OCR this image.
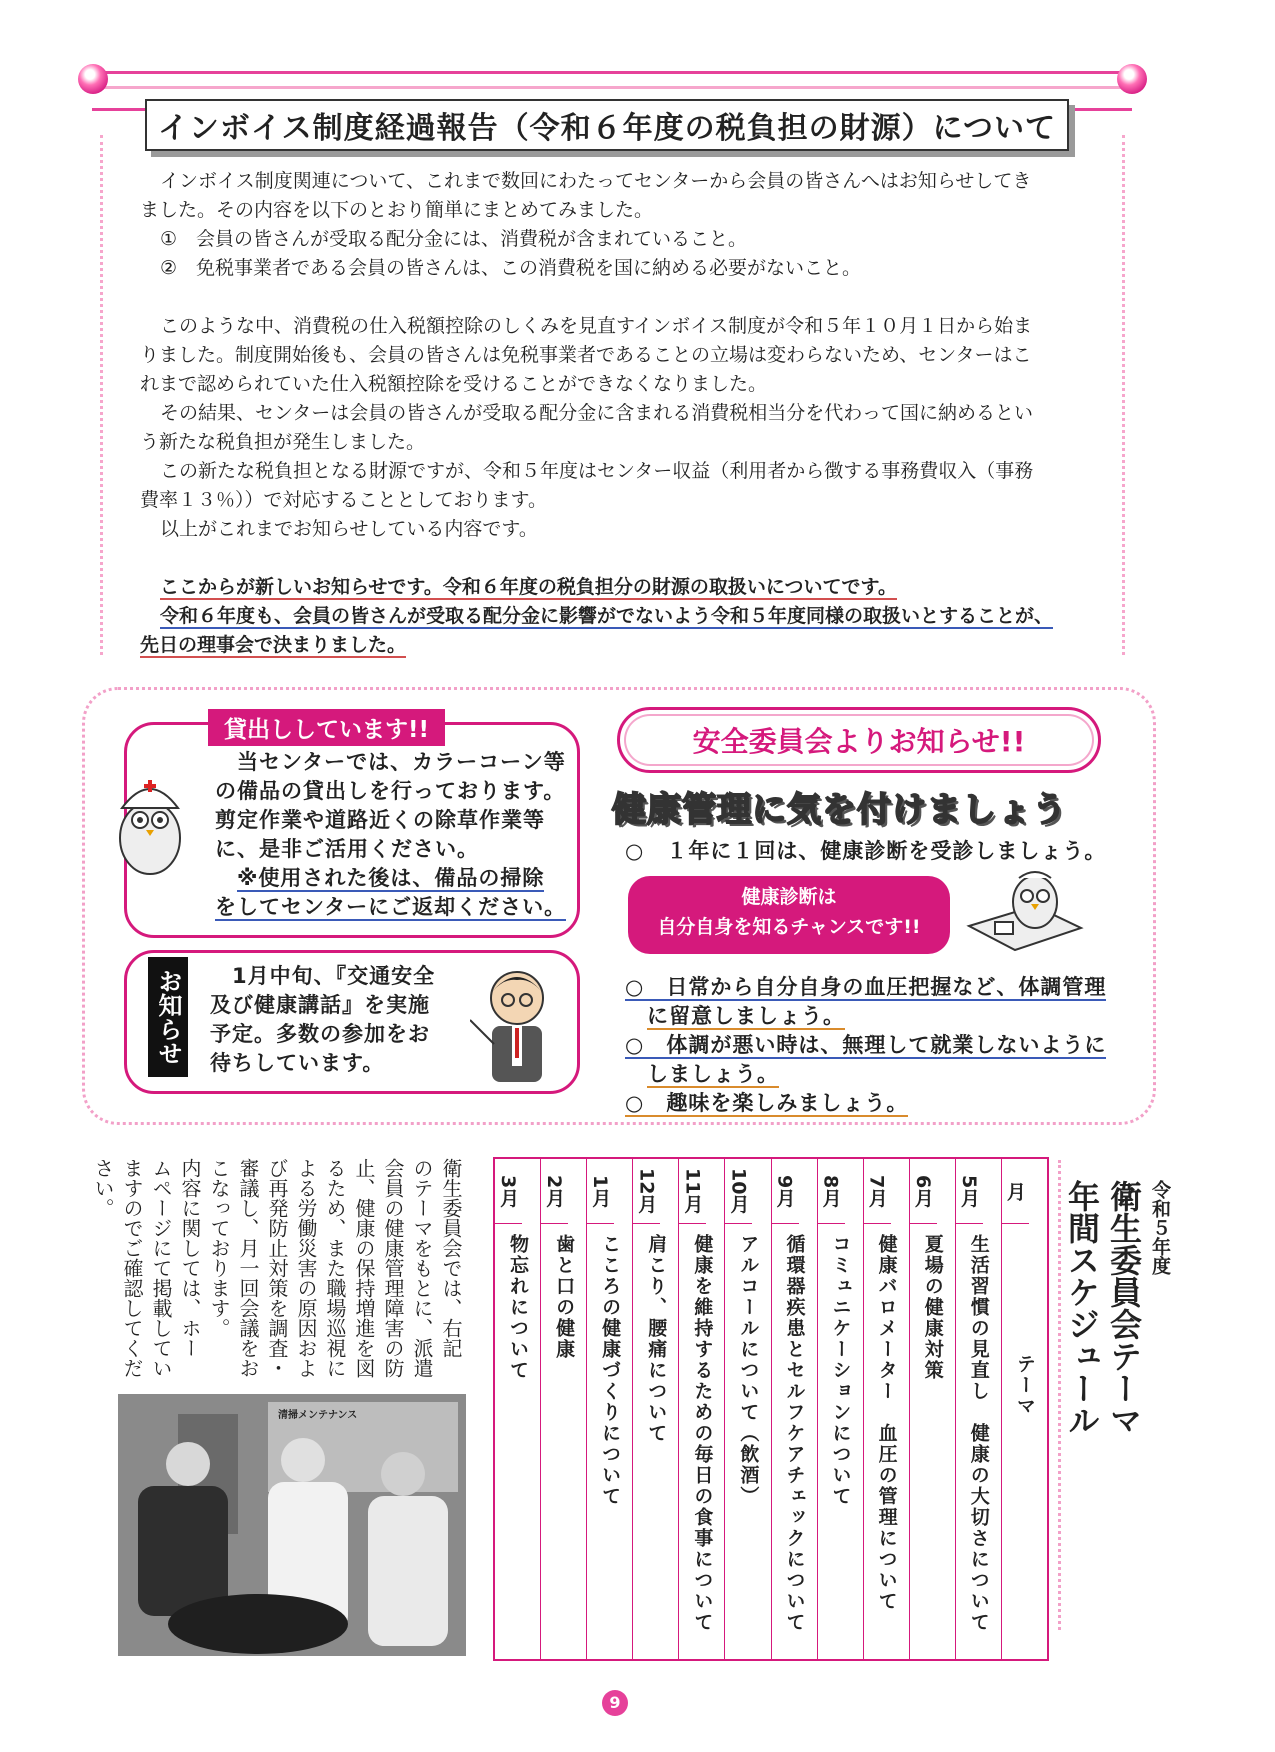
インボイス制度経過報告（令和６年度の税負担の財源）について
インボイス制度関連について、これまで数回にわたってセンターから会員の皆さんへはお知らせしてき
ました。その内容を以下のとおり簡単にまとめてみました。
①　会員の皆さんが受取る配分金には、消費税が含まれていること。
②　免税事業者である会員の皆さんは、この消費税を国に納める必要がないこと。
このような中、消費税の仕入税額控除のしくみを見直すインボイス制度が令和５年１０月１日から始ま
りました。制度開始後も、会員の皆さんは免税事業者であることの立場は変わらないため、センターはこ
れまで認められていた仕入税額控除を受けることができなくなりました。
その結果、センターは会員の皆さんが受取る配分金に含まれる消費税相当分を代わって国に納めるとい
う新たな税負担が発生しました。
この新たな税負担となる財源ですが、令和５年度はセンター収益（利用者から徴する事務費収入（事務
費率１３％））で対応することとしております。
以上がこれまでお知らせしている内容です。
ここからが新しいお知らせです。令和６年度の税負担分の財源の取扱いについてです。
令和６年度も、会員の皆さんが受取る配分金に影響がでないよう令和５年度同様の取扱いとすることが、
先日の理事会で決まりました。
貸出ししています!!
当センターでは、カラーコーン等
の備品の貸出しを行っております。
剪定作業や道路近くの除草作業等
に、是非ご活用ください。
※使用された後は、備品の掃除
をしてセンターにご返却ください。
お知らせ	1月中旬、『交通安全
及び健康講話』を実施
予定。多数の参加をお
待ちしています。
安全委員会よりお知らせ!!
健康管理に気を付けましょう
○　１年に１回は、健康診断を受診しましょう。
健康診断は
自分自身を知るチャンスです!!
○　日常から自分自身の血圧把握など、体調管理
に留意しましょう。
○　体調が悪い時は、無理して就業しないように
しましょう。
○　趣味を楽しみましょう。
月
テーマ
5月
生活習慣の見直し　健康の大切さについて
6月
夏場の健康対策
7月
健康バロメーター　血圧の管理について
8月
コミュニケーションについて
9月
循環器疾患とセルフケアチェックについて
10月
アルコールについて（飲酒）
11月
健康を維持するための毎日の食事について
12月
肩こり、腰痛について
1月
こころの健康づくりについて
2月
歯と口の健康
3月
物忘れについて
令和５年度
衛生委員会テーマ
年間スケジュール
衛生委員会では、右記
のテーマをもとに、派遣
会員の健康管理障害の防
止、健康の保持増進を図
るため、また職場巡視に
よる労働災害の原因およ
び再発防止対策を調査・
審議し、月一回会議をお
こなっております。
内容に関しては、ホー
ムページにて掲載してい
ますのでご確認してくだ
さい。
清掃メンテナンス
9
